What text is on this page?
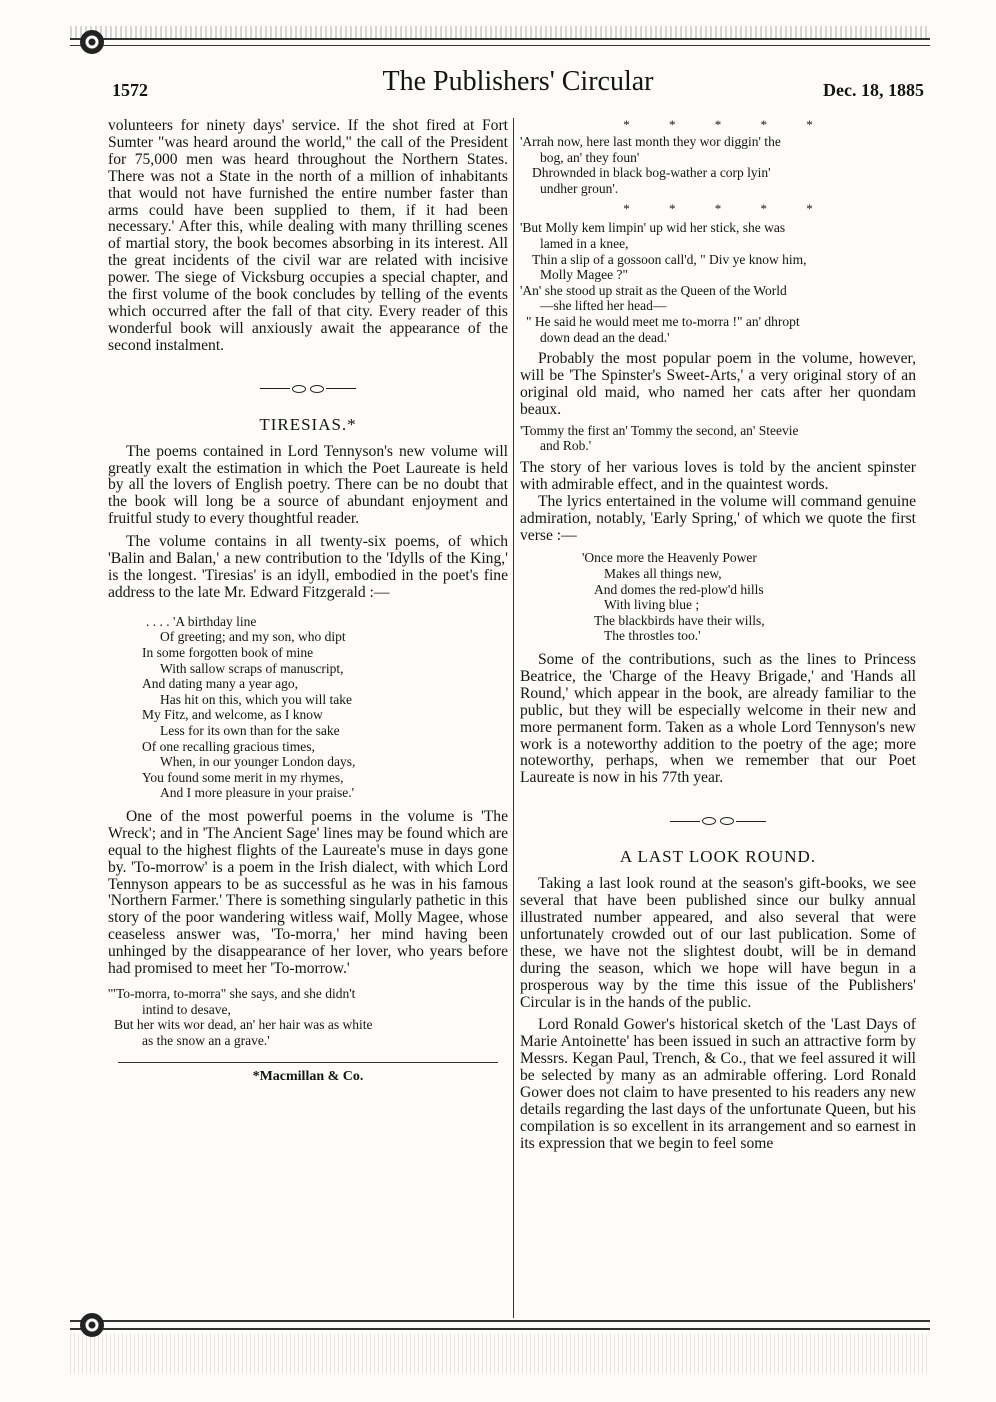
1572	The Publishers' Circular	Dec. 18, 1885

volunteers for ninety days' service. If the shot fired at Fort Sumter "was heard around the world," the call of the President for 75,000 men was heard throughout the Northern States. There was not a State in the north of a million of inhabitants that would not have furnished the entire number faster than arms could have been supplied to them, if it had been necessary.' After this, while dealing with many thrilling scenes of martial story, the book becomes absorbing in its interest. All the great incidents of the civil war are related with incisive power. The siege of Vicksburg occupies a special chapter, and the first volume of the book concludes by telling of the events which occurred after the fall of that city. Every reader of this wonderful book will anxiously await the appearance of the second instalment.

TIRESIAS.*

The poems contained in Lord Tennyson's new volume will greatly exalt the estimation in which the Poet Laureate is held by all the lovers of English poetry. There can be no doubt that the book will long be a source of abundant enjoyment and fruitful study to every thoughtful reader.

The volume contains in all twenty-six poems, of which 'Balin and Balan,' a new contribution to the 'Idylls of the King,' is the longest. 'Tiresias' is an idyll, embodied in the poet's fine address to the late Mr. Edward Fitzgerald :—

. . . . 'A birthday line
Of greeting; and my son, who dipt
In some forgotten book of mine
With sallow scraps of manuscript,
And dating many a year ago,
Has hit on this, which you will take
My Fitz, and welcome, as I know
Less for its own than for the sake
Of one recalling gracious times,
When, in our younger London days,
You found some merit in my rhymes,
And I more pleasure in your praise.'

One of the most powerful poems in the volume is 'The Wreck'; and in 'The Ancient Sage' lines may be found which are equal to the highest flights of the Laureate's muse in days gone by. 'To-morrow' is a poem in the Irish dialect, with which Lord Tennyson appears to be as successful as he was in his famous 'Northern Farmer.' There is something singularly pathetic in this story of the poor wandering witless waif, Molly Magee, whose ceaseless answer was, 'To-morra,' her mind having been unhinged by the disappearance of her lover, who years before had promised to meet her 'To-morrow.'

'"To-morra, to-morra" she says, and she didn't
intind to desave,
But her wits wor dead, an' her hair was as white
as the snow an a grave.'
*Macmillan & Co.
* * * * *
'Arrah now, here last month they wor diggin' the
bog, an' they foun'
Dhrownded in black bog-wather a corp lyin'
undher groun'.
* * * * *
'But Molly kem limpin' up wid her stick, she was
lamed in a knee,
Thin a slip of a gossoon call'd, " Div ye know him,
Molly Magee ?"
'An' she stood up strait as the Queen of the World
—she lifted her head—
" He said he would meet me to-morra !" an' dhropt
down dead an the dead.'

Probably the most popular poem in the volume, however, will be 'The Spinster's Sweet-Arts,' a very original story of an original old maid, who named her cats after her quondam beaux.

'Tommy the first an' Tommy the second, an' Steevie
and Rob.'

The story of her various loves is told by the ancient spinster with admirable effect, and in the quaintest words.

The lyrics entertained in the volume will command genuine admiration, notably, 'Early Spring,' of which we quote the first verse :—

'Once more the Heavenly Power
Makes all things new,
And domes the red-plow'd hills
With living blue ;
The blackbirds have their wills,
The throstles too.'

Some of the contributions, such as the lines to Princess Beatrice, the 'Charge of the Heavy Brigade,' and 'Hands all Round,' which appear in the book, are already familiar to the public, but they will be especially welcome in their new and more permanent form. Taken as a whole Lord Tennyson's new work is a noteworthy addition to the poetry of the age; more noteworthy, perhaps, when we remember that our Poet Laureate is now in his 77th year.

A LAST LOOK ROUND.

Taking a last look round at the season's gift-books, we see several that have been published since our bulky annual illustrated number appeared, and also several that were unfortunately crowded out of our last publication. Some of these, we have not the slightest doubt, will be in demand during the season, which we hope will have begun in a prosperous way by the time this issue of the Publishers' Circular is in the hands of the public.

Lord Ronald Gower's historical sketch of the 'Last Days of Marie Antoinette' has been issued in such an attractive form by Messrs. Kegan Paul, Trench, & Co., that we feel assured it will be selected by many as an admirable offering. Lord Ronald Gower does not claim to have presented to his readers any new details regarding the last days of the unfortunate Queen, but his compilation is so excellent in its arrangement and so earnest in its expression that we begin to feel some
